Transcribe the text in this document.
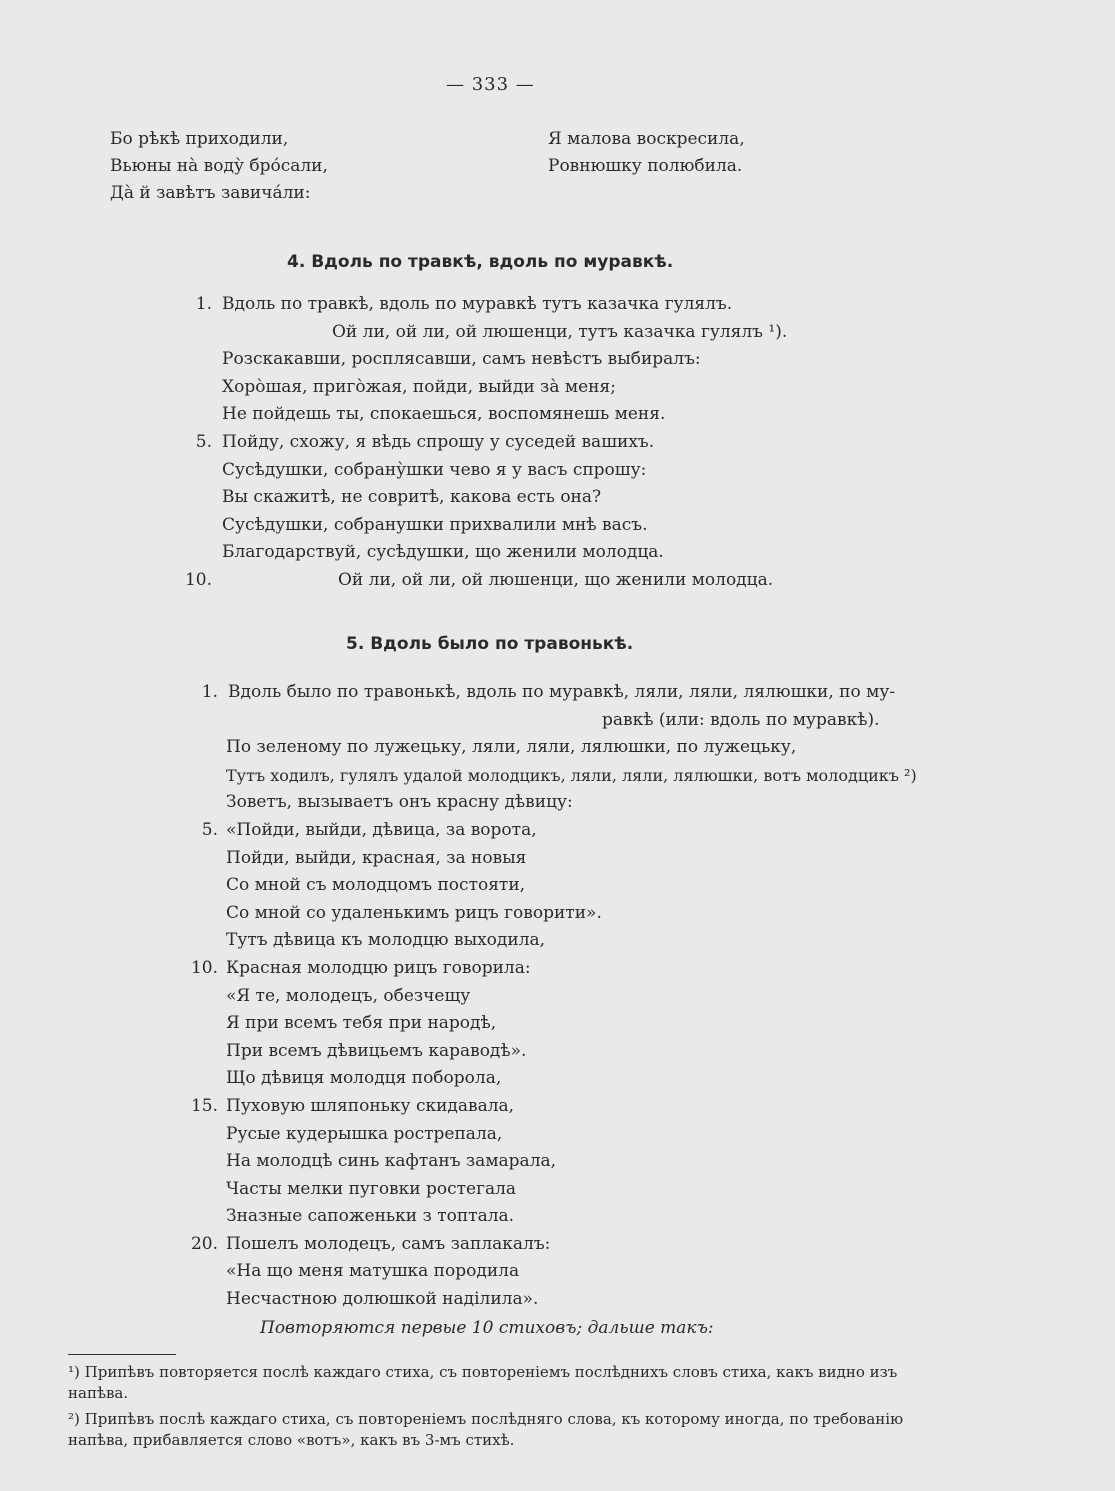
— 333 —
Бо рѣкѣ приходили,
Вьюны на̀ воду̀ бро́сали,
Да̀ й завѣтъ завича́ли:
Я малова воскресила,
Ровнюшку полюбила.
4. Вдоль по травкѣ, вдоль по муравкѣ.
1. Вдоль по травкѣ, вдоль по муравкѣ тутъ казачка гулялъ.
Ой ли, ой ли, ой люшенци, тутъ казачка гулялъ ¹).
Розскакавши, росплясавши, самъ невѣстъ выбиралъ:
Хоро̀шая, приго̀жая, пойди, выйди за̀ меня;
Не пойдешь ты, спокаешься, воспомянешь меня.
5. Пойду, схожу, я вѣдь спрошу у суседей вашихъ.
Сусѣдушки, собрану̀шки чево я у васъ спрошу:
Вы скажитѣ, не совритѣ, какова есть она?
Сусѣдушки, собранушки прихвалили мнѣ васъ.
Благодарствуй, сусѣдушки, що женили молодца.
10.	Ой ли, ой ли, ой люшенци, що женили молодца.
5. Вдоль было по травонькѣ.
1. Вдоль было по травонькѣ, вдоль по муравкѣ, ляли, ляли, лялюшки, по му-
равкѣ (или: вдоль по муравкѣ).
По зеленому по лужецьку, ляли, ляли, лялюшки, по лужецьку,
Тутъ ходилъ, гулялъ удалой молодцикъ, ляли, ляли, лялюшки, вотъ молодцикъ ²)
Зоветъ, вызываетъ онъ красну дѣвицу:
5. «Пойди, выйди, дѣвица, за ворота,
Пойди, выйди, красная, за новыя
Со мной съ молодцомъ постояти,
Со мной со удаленькимъ рицъ говорити».
Тутъ дѣвица къ молодцю выходила,
10. Красная молодцю рицъ говорила:
«Я те, молодецъ, обезчещу
Я при всемъ тебя при народѣ,
При всемъ дѣвицьемъ караводѣ».
Що дѣвиця молодця поборола,
15. Пуховую шляпоньку скидавала,
Русые кудерышка рострепала,
На молодцѣ синь кафтанъ замарала,
Часты мелки пуговки ростегала
Зназные сапоженьки з топтала.
20. Пошелъ молодецъ, самъ заплакалъ:
«На що меня матушка породила
Несчастною долюшкой наділила».
Повторяются первые 10 стиховъ; дальше такъ:
¹) Припѣвъ повторяется послѣ каждаго стиха, съ повтореніемъ послѣднихъ словъ стиха, какъ видно изъ напѣва.
²) Припѣвъ послѣ каждаго стиха, съ повтореніемъ послѣдняго слова, къ которому иногда, по требованію напѣва, прибавляется слово «вотъ», какъ въ 3-мъ стихѣ.
